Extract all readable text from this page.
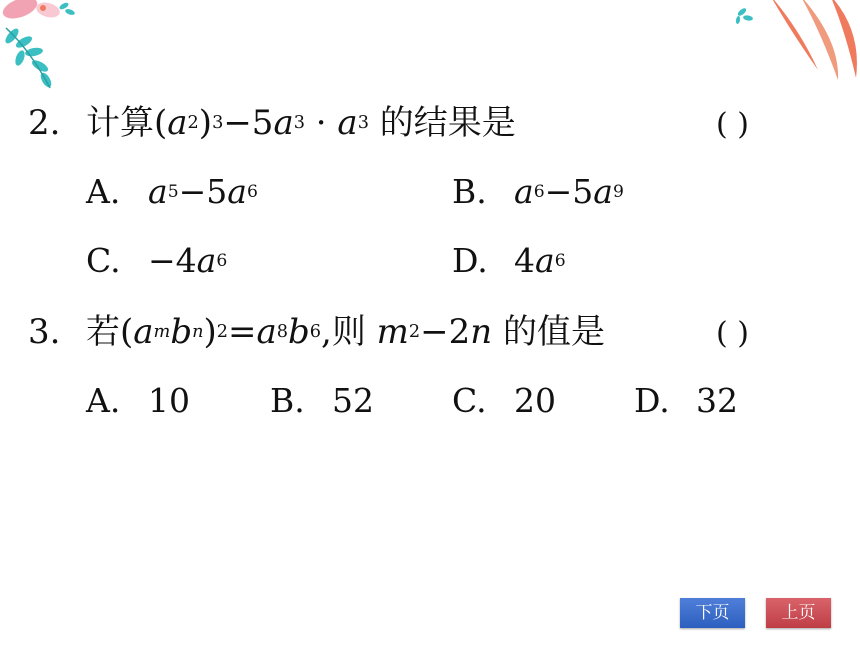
2. 计算$(a^2)^3-5a^3 \cdot a^3$ 的结果是	( )
A. $a^5-5a^6$	B. $a^6-5a^9$
C. $-4a^6$	D. $4a^6$
3. 若$(a^mb^n)^2=a^8b^6$,则 $m^2-2n$ 的值是	( )
A. 10 B. 52 C. 20 D. 32
下页	上页
